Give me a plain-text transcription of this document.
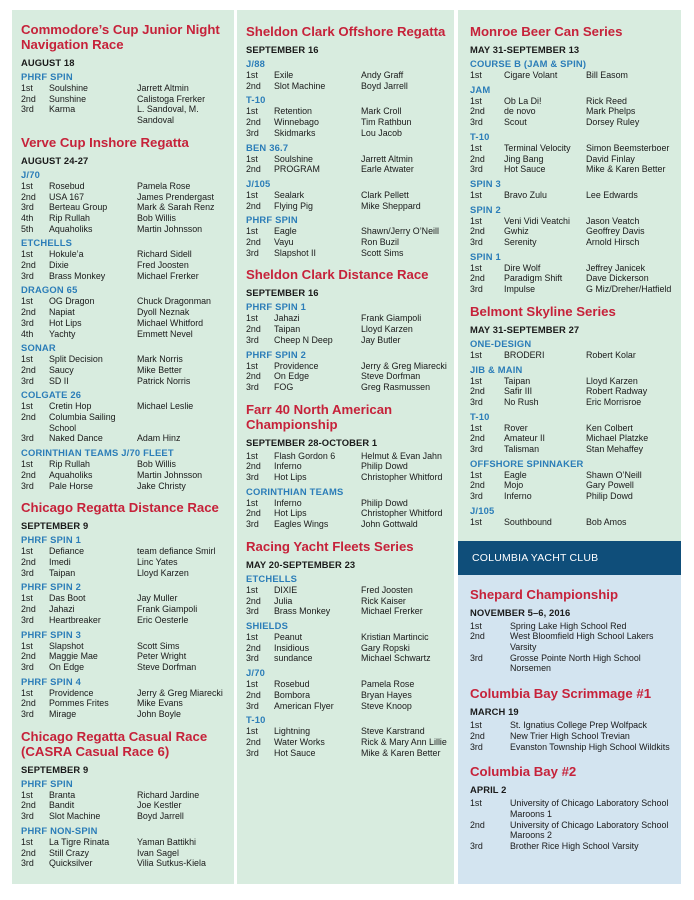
Commodore’s Cup Junior Night Navigation Race
AUGUST 18
PHRF SPIN
1st	Soulshine	Jarrett Altmin
2nd	Sunshine	Calistoga Frerker
3rd	Karma	L. Sandoval, M. Sandoval
Verve Cup Inshore Regatta
AUGUST 24-27
J/70
1st	Rosebud	Pamela Rose
2nd	USA 167	James Prendergast
3rd	Berteau Group	Mark & Sarah Renz
4th	Rip Rullah	Bob Willis
5th	Aquaholiks	Martin Johnsson
ETCHELLS
1st	Hokule’a	Richard Sidell
2nd	Dixie	Fred Joosten
3rd	Brass Monkey	Michael Frerker
DRAGON 65
1st	OG Dragon	Chuck Dragonman
2nd	Napiat	Dyoll Neznak
3rd	Hot Lips	Michael Whitford
4th	Yachty	Emmett Nevel
SONAR
1st	Split Decision	Mark Norris
2nd	Saucy	Mike Better
3rd	SD II	Patrick Norris
COLGATE 26
1st	Cretin Hop	Michael Leslie
2nd	Columbia Sailing School
3rd	Naked Dance	Adam Hinz
CORINTHIAN TEAMS J/70 FLEET
1st	Rip Rullah	Bob Willis
2nd	Aquaholiks	Martin Johnsson
3rd	Pale Horse	Jake Christy
Chicago Regatta Distance Race
SEPTEMBER 9
PHRF SPIN 1
1st	Defiance	team defiance Smirl
2nd	Imedi	Linc Yates
3rd	Taipan	Lloyd Karzen
PHRF SPIN 2
1st	Das Boot	Jay Muller
2nd	Jahazi	Frank Giampoli
3rd	Heartbreaker	Eric Oesterle
PHRF SPIN 3
1st	Slapshot	Scott Sims
2nd	Maggie Mae	Peter Wright
3rd	On Edge	Steve Dorfman
PHRF SPIN 4
1st	Providence	Jerry & Greg Miarecki
2nd	Pommes Frites	Mike Evans
3rd	Mirage	John Boyle
Chicago Regatta Casual Race (CASRA Casual Race 6)
SEPTEMBER 9
PHRF SPIN
1st	Branta	Richard Jardine
2nd	Bandit	Joe Kestler
3rd	Slot Machine	Boyd Jarrell
PHRF NON-SPIN
1st	La Tigre Rinata	Yaman Battikhi
2nd	Still Crazy	Ivan Sagel
3rd	Quicksilver	Vilia Sutkus-Kiela
Sheldon Clark Offshore Regatta
SEPTEMBER 16
J/88
1st	Exile	Andy Graff
2nd	Slot Machine	Boyd Jarrell
T-10
1st	Retention	Mark Croll
2nd	Winnebago	Tim Rathbun
3rd	Skidmarks	Lou Jacob
BEN 36.7
1st	Soulshine	Jarrett Altmin
2nd	PROGRAM	Earle Atwater
J/105
1st	Sealark	Clark Pellett
2nd	Flying Pig	Mike Sheppard
PHRF SPIN
1st	Eagle	Shawn/Jerry O’Neill
2nd	Vayu	Ron Buzil
3rd	Slapshot II	Scott Sims
Sheldon Clark Distance Race
SEPTEMBER 16
PHRF SPIN 1
1st	Jahazi	Frank Giampoli
2nd	Taipan	Lloyd Karzen
3rd	Cheep N Deep	Jay Butler
PHRF SPIN 2
1st	Providence	Jerry & Greg Miarecki
2nd	On Edge	Steve Dorfman
3rd	FOG	Greg Rasmussen
Farr 40 North American Championship
SEPTEMBER 28-OCTOBER 1
1st	Flash Gordon 6	Helmut & Evan Jahn
2nd	Inferno	Philip Dowd
3rd	Hot Lips	Christopher Whitford
CORINTHIAN TEAMS
1st	Inferno	Philip Dowd
2nd	Hot Lips	Christopher Whitford
3rd	Eagles Wings	John Gottwald
Racing Yacht Fleets Series
MAY 20-SEPTEMBER 23
ETCHELLS
1st	DIXIE	Fred Joosten
2nd	Julia	Rick Kaiser
3rd	Brass Monkey	Michael Frerker
SHIELDS
1st	Peanut	Kristian Martincic
2nd	Insidious	Gary Ropski
3rd	sundance	Michael Schwartz
J/70
1st	Rosebud	Pamela Rose
2nd	Bombora	Bryan Hayes
3rd	American Flyer	Steve Knoop
T-10
1st	Lightning	Steve Karstrand
2nd	Water Works	Rick & Mary Ann Lillie
3rd	Hot Sauce	Mike & Karen Better
Monroe Beer Can Series
MAY 31-SEPTEMBER 13
COURSE B (JAM & SPIN)
1st	Cigare Volant	Bill Easom
JAM
1st	Ob La Di!	Rick Reed
2nd	de novo	Mark Phelps
3rd	Scout	Dorsey Ruley
T-10
1st	Terminal Velocity	Simon Beemsterboer
2nd	Jing Bang	David Finlay
3rd	Hot Sauce	Mike & Karen Better
SPIN 3
1st	Bravo Zulu	Lee Edwards
SPIN 2
1st	Veni Vidi Veatchi	Jason Veatch
2nd	Gwhiz	Geoffrey Davis
3rd	Serenity	Arnold Hirsch
SPIN 1
1st	Dire Wolf	Jeffrey Janicek
2nd	Paradigm Shift	Dave Dickerson
3rd	Impulse	G Miz/Dreher/Hatfield
Belmont Skyline Series
MAY 31-SEPTEMBER 27
ONE-DESIGN
1st	BRODERI	Robert Kolar
JIB & MAIN
1st	Taipan	Lloyd Karzen
2nd	Safir III	Robert Radway
3rd	No Rush	Eric Morrisroe
T-10
1st	Rover	Ken Colbert
2nd	Amateur II	Michael Platzke
3rd	Talisman	Stan Mehaffey
OFFSHORE SPINNAKER
1st	Eagle	Shawn O’Neill
2nd	Mojo	Gary Powell
3rd	Inferno	Philip Dowd
J/105
1st	Southbound	Bob Amos
COLUMBIA YACHT CLUB
Shepard Championship
NOVEMBER 5–6, 2016
1st	Spring Lake High School Red
2nd	West Bloomfield High School Lakers Varsity
3rd	Grosse Pointe North High School Norsemen
Columbia Bay Scrimmage #1
MARCH 19
1st	St. Ignatius College Prep Wolfpack
2nd	New Trier High School Trevian
3rd	Evanston Township High School Wildkits
Columbia Bay #2
APRIL 2
1st	University of Chicago Laboratory School Maroons 1
2nd	University of Chicago Laboratory School Maroons 2
3rd	Brother Rice High School Varsity
